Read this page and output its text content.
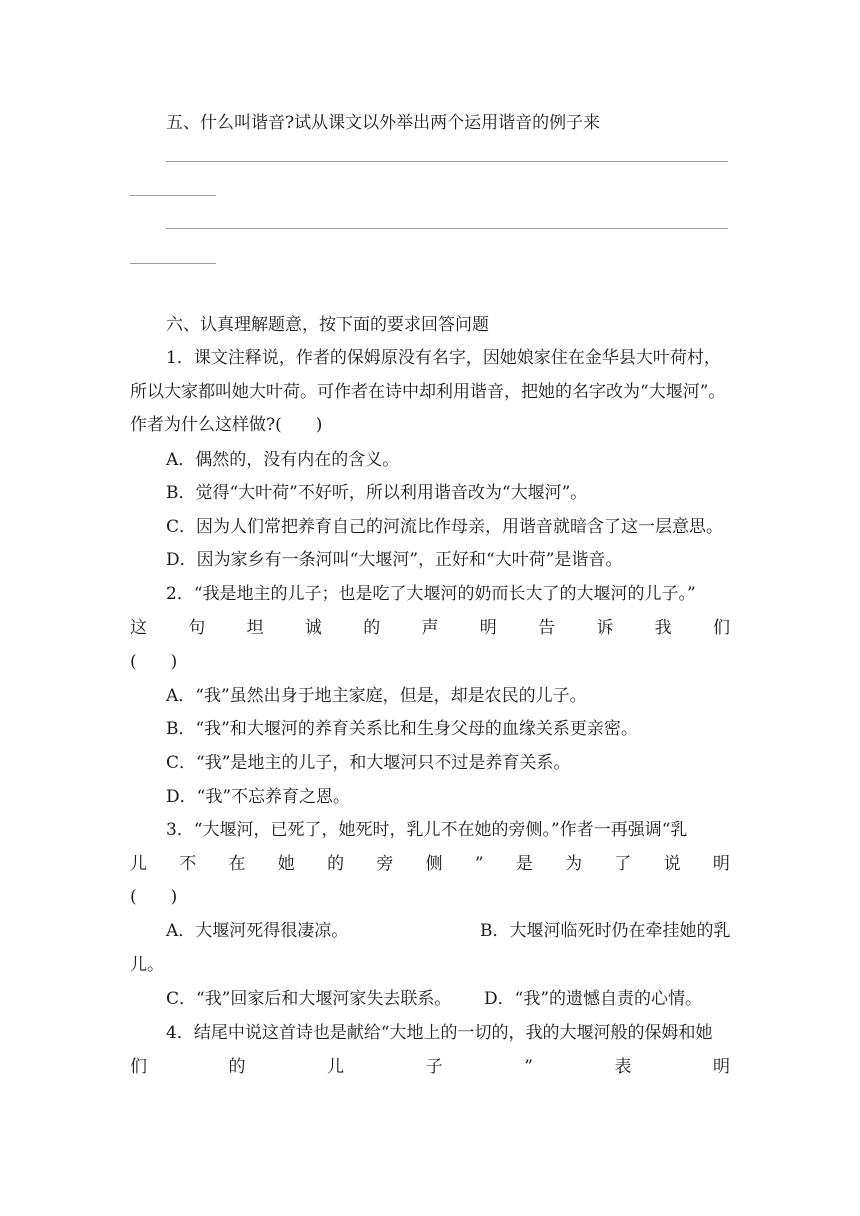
五、什么叫谐音?试从课文以外举出两个运用谐音的例子来
六、认真理解题意，按下面的要求回答问题
1．课文注释说，作者的保姆原没有名字，因她娘家住在金华县大叶荷村，
所以大家都叫她大叶荷。可作者在诗中却利用谐音，把她的名字改为“大堰河”。
作者为什么这样做?(　　)
A．偶然的，没有内在的含义。
B．觉得“大叶荷”不好听，所以利用谐音改为“大堰河”。
C．因为人们常把养育自己的河流比作母亲，用谐音就暗含了这一层意思。
D．因为家乡有一条河叫“大堰河”，正好和“大叶荷”是谐音。
2．“我是地主的儿子；也是吃了大堰河的奶而长大了的大堰河的儿子。”
这 句 坦 诚 的 声 明 告 诉 我 们
(　　)
A．“我”虽然出身于地主家庭，但是，却是农民的儿子。
B．“我”和大堰河的养育关系比和生身父母的血缘关系更亲密。
C．“我”是地主的儿子，和大堰河只不过是养育关系。
D．“我”不忘养育之恩。
3．“大堰河，已死了，她死时，乳儿不在她的旁侧。”作者一再强调“乳
儿 不 在 她 的 旁 侧 ” 是 为 了 说 明
(　　)
A．大堰河死得很凄凉。	B．大堰河临死时仍在牵挂她的乳
儿。
C．“我”回家后和大堰河家失去联系。 D．“我”的遗憾自责的心情。
4．结尾中说这首诗也是献给“大地上的一切的，我的大堰河般的保姆和她
们	的	儿	子	”	表	明
